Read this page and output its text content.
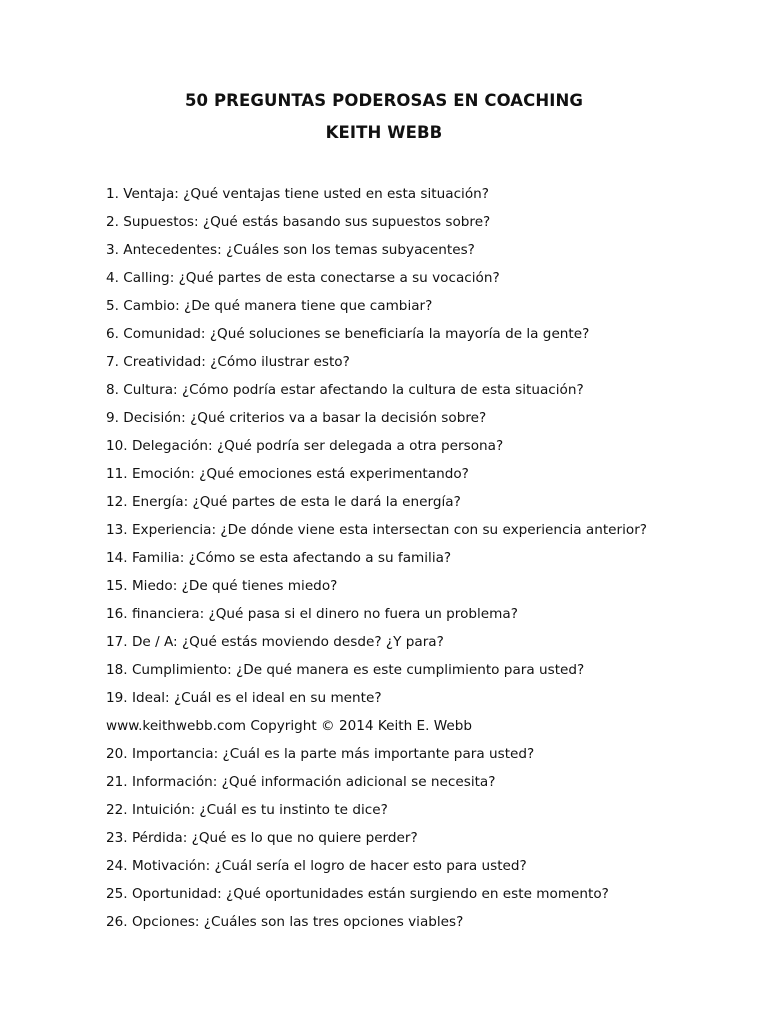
50 PREGUNTAS PODEROSAS EN COACHING
KEITH WEBB
1. Ventaja: ¿Qué ventajas tiene usted en esta situación?
2. Supuestos: ¿Qué estás basando sus supuestos sobre?
3. Antecedentes: ¿Cuáles son los temas subyacentes?
4. Calling: ¿Qué partes de esta conectarse a su vocación?
5. Cambio: ¿De qué manera tiene que cambiar?
6. Comunidad: ¿Qué soluciones se beneficiaría la mayoría de la gente?
7. Creatividad: ¿Cómo ilustrar esto?
8. Cultura: ¿Cómo podría estar afectando la cultura de esta situación?
9. Decisión: ¿Qué criterios va a basar la decisión sobre?
10. Delegación: ¿Qué podría ser delegada a otra persona?
11. Emoción: ¿Qué emociones está experimentando?
12. Energía: ¿Qué partes de esta le dará la energía?
13. Experiencia: ¿De dónde viene esta intersectan con su experiencia anterior?
14. Familia: ¿Cómo se esta afectando a su familia?
15. Miedo: ¿De qué tienes miedo?
16. financiera: ¿Qué pasa si el dinero no fuera un problema?
17. De / A: ¿Qué estás moviendo desde? ¿Y para?
18. Cumplimiento: ¿De qué manera es este cumplimiento para usted?
19. Ideal: ¿Cuál es el ideal en su mente?
www.keithwebb.com Copyright © 2014 Keith E. Webb
20. Importancia: ¿Cuál es la parte más importante para usted?
21. Información: ¿Qué información adicional se necesita?
22. Intuición: ¿Cuál es tu instinto te dice?
23. Pérdida: ¿Qué es lo que no quiere perder?
24. Motivación: ¿Cuál sería el logro de hacer esto para usted?
25. Oportunidad: ¿Qué oportunidades están surgiendo en este momento?
26. Opciones: ¿Cuáles son las tres opciones viables?
